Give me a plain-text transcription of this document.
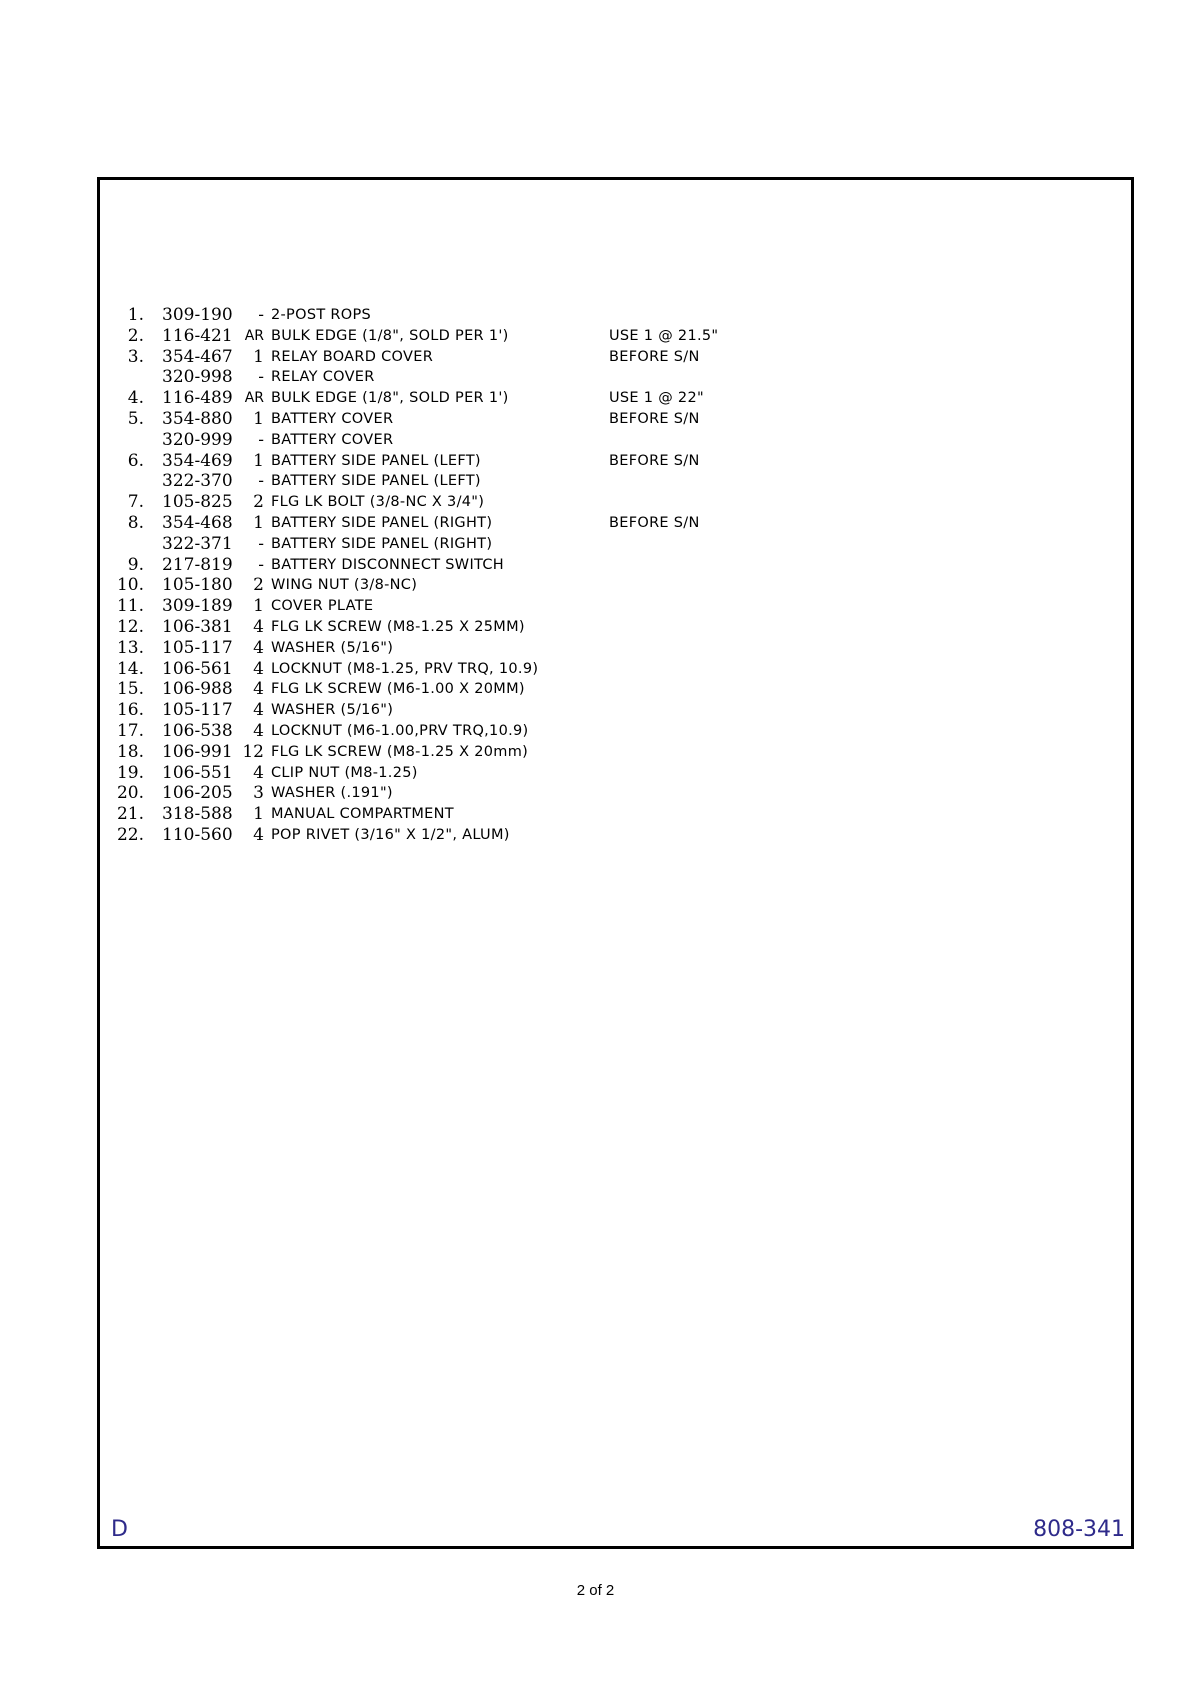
1. 309-190	- 2-POST ROPS
2. 116-421 AR BULK EDGE (1/8", SOLD PER 1')	USE 1 @ 21.5"
3. 354-467	1 RELAY BOARD COVER	BEFORE S/N
320-998	- RELAY COVER
4. 116-489 AR BULK EDGE (1/8", SOLD PER 1')	USE 1 @ 22"
5. 354-880	1 BATTERY COVER	BEFORE S/N
320-999	- BATTERY COVER
6. 354-469	1 BATTERY SIDE PANEL (LEFT)	BEFORE S/N
322-370	- BATTERY SIDE PANEL (LEFT)
7. 105-825	2 FLG LK BOLT (3/8-NC X 3/4")
8. 354-468	1 BATTERY SIDE PANEL (RIGHT)	BEFORE S/N
322-371	- BATTERY SIDE PANEL (RIGHT)
9. 217-819	- BATTERY DISCONNECT SWITCH
10. 105-180	2 WING NUT (3/8-NC)
11. 309-189	1 COVER PLATE
12. 106-381	4 FLG LK SCREW (M8-1.25 X 25MM)
13. 105-117	4 WASHER (5/16")
14. 106-561	4 LOCKNUT (M8-1.25, PRV TRQ, 10.9)
15. 106-988	4 FLG LK SCREW (M6-1.00 X 20MM)
16. 105-117	4 WASHER (5/16")
17. 106-538	4 LOCKNUT (M6-1.00,PRV TRQ,10.9)
18. 106-991 12 FLG LK SCREW (M8-1.25 X 20mm)
19. 106-551	4 CLIP NUT (M8-1.25)
20. 106-205	3 WASHER (.191")
21. 318-588	1 MANUAL COMPARTMENT
22. 110-560	4 POP RIVET (3/16" X 1/2", ALUM)
D	808-341
2 of 2
